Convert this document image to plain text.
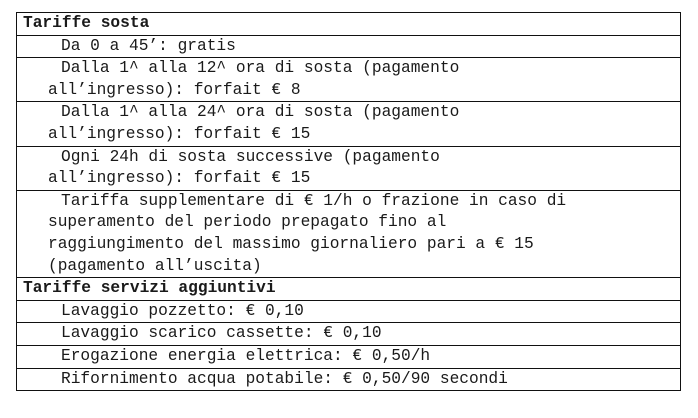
Tariffe sosta

Da 0 a 45’: gratis

Dalla 1^ alla 12^ ora di sosta (pagamento
all’ingresso): forfait € 8

Dalla 1^ alla 24^ ora di sosta (pagamento
all’ingresso): forfait € 15

Ogni 24h di sosta successive (pagamento
all’ingresso): forfait € 15

Tariffa supplementare di € 1/h o frazione in caso di
superamento del periodo prepagato fino al
raggiungimento del massimo giornaliero pari a € 15
(pagamento all’uscita)

Tariffe servizi aggiuntivi

Lavaggio pozzetto: € 0,10

Lavaggio scarico cassette: € 0,10

Erogazione energia elettrica: € 0,50/h

Rifornimento acqua potabile: € 0,50/90 secondi
